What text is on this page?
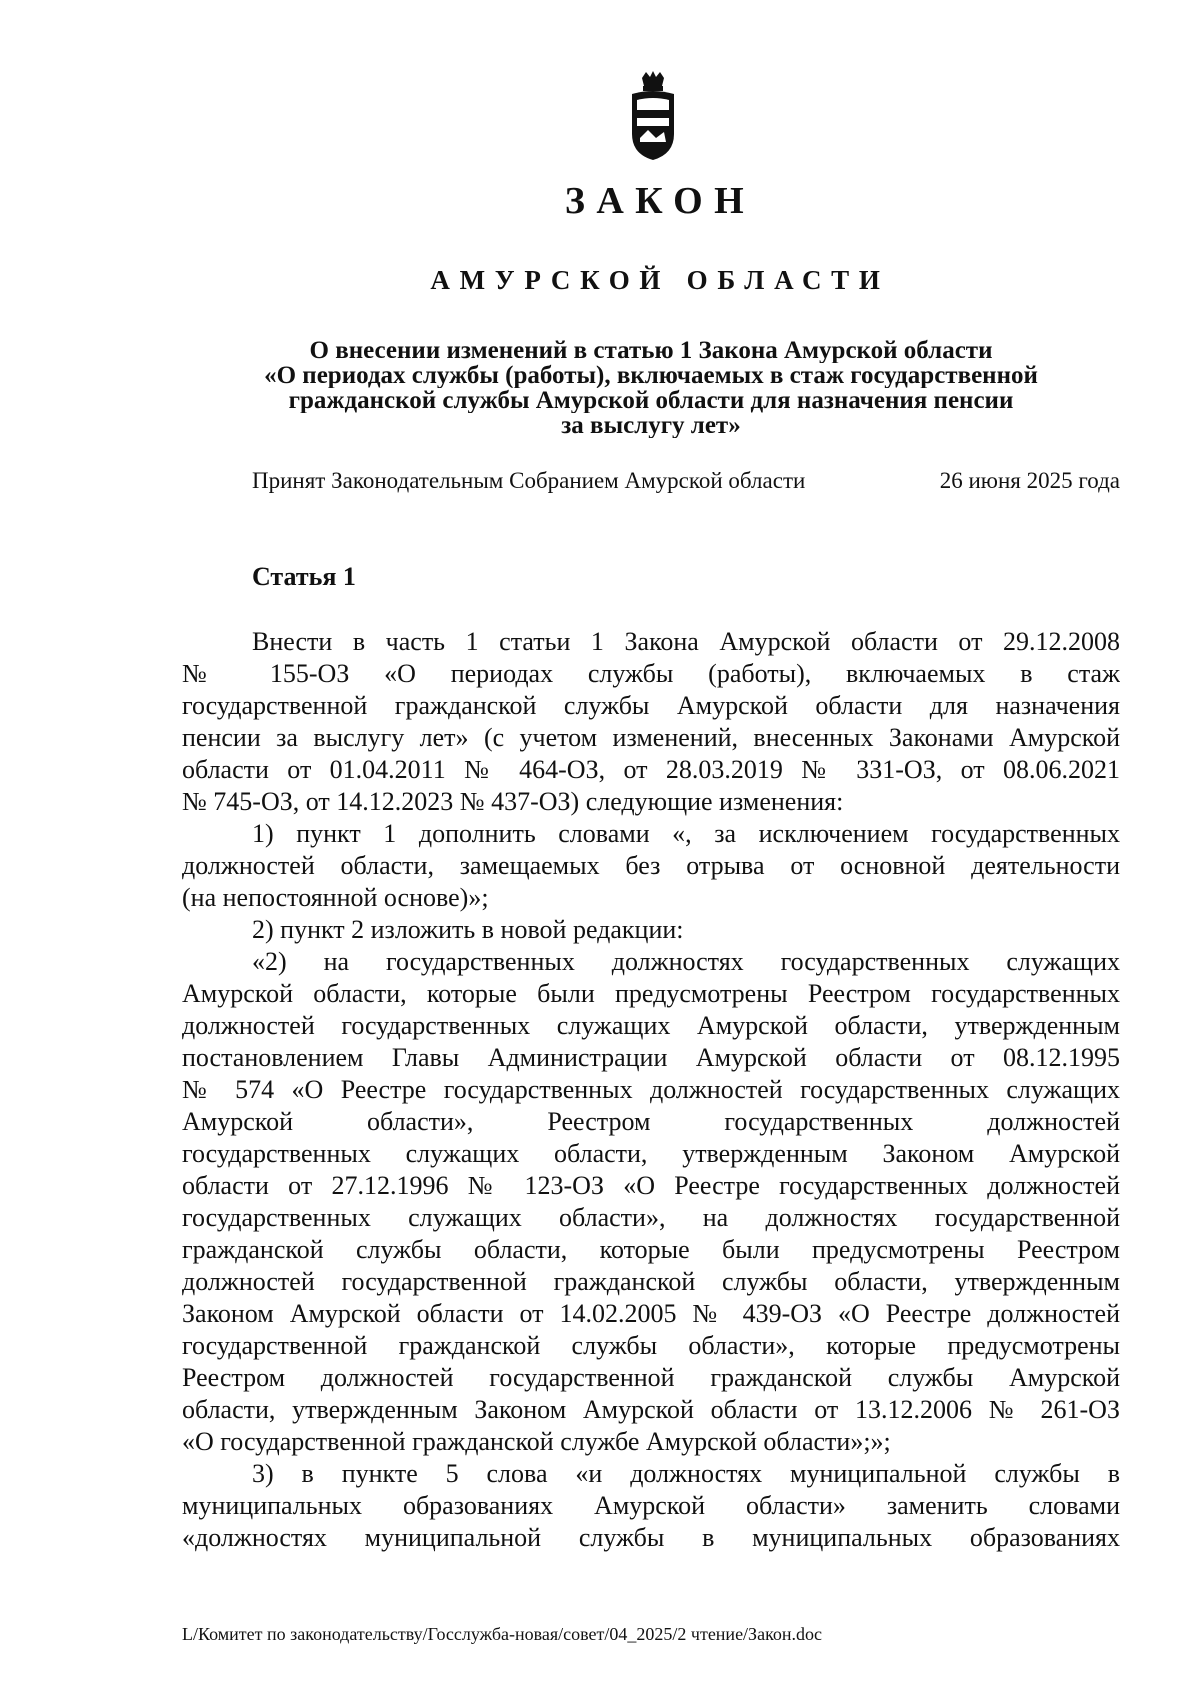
ЗАКОН
АМУРСКОЙ ОБЛАСТИ
О внесении изменений в статью 1 Закона Амурской области
«О периодах службы (работы), включаемых в стаж государственной
гражданской службы Амурской области для назначения пенсии
за выслугу лет»
Принят Законодательным Собранием Амурской области	26 июня 2025 года
Статья 1
Внести в часть 1 статьи 1 Закона Амурской области от 29.12.2008
№ 155-ОЗ «О периодах службы (работы), включаемых в стаж
государственной гражданской службы Амурской области для назначения
пенсии за выслугу лет» (с учетом изменений, внесенных Законами Амурской
области от 01.04.2011 № 464-ОЗ, от 28.03.2019 № 331-ОЗ, от 08.06.2021
№ 745-ОЗ, от 14.12.2023 № 437-ОЗ) следующие изменения:
1) пункт 1 дополнить словами «, за исключением государственных
должностей области, замещаемых без отрыва от основной деятельности
(на непостоянной основе)»;
2) пункт 2 изложить в новой редакции:
«2) на государственных должностях государственных служащих
Амурской области, которые были предусмотрены Реестром государственных
должностей государственных служащих Амурской области, утвержденным
постановлением Главы Администрации Амурской области от 08.12.1995
№ 574 «О Реестре государственных должностей государственных служащих
Амурской области», Реестром государственных должностей
государственных служащих области, утвержденным Законом Амурской
области от 27.12.1996 № 123-ОЗ «О Реестре государственных должностей
государственных служащих области», на должностях государственной
гражданской службы области, которые были предусмотрены Реестром
должностей государственной гражданской службы области, утвержденным
Законом Амурской области от 14.02.2005 № 439-ОЗ «О Реестре должностей
государственной гражданской службы области», которые предусмотрены
Реестром должностей государственной гражданской службы Амурской
области, утвержденным Законом Амурской области от 13.12.2006 № 261-ОЗ
«О государственной гражданской службе Амурской области»;»;
3) в пункте 5 слова «и должностях муниципальной службы в
муниципальных образованиях Амурской области» заменить словами
«должностях муниципальной службы в муниципальных образованиях
L/Комитет по законодательству/Госслужба-новая/совет/04_2025/2 чтение/Закон.doc
